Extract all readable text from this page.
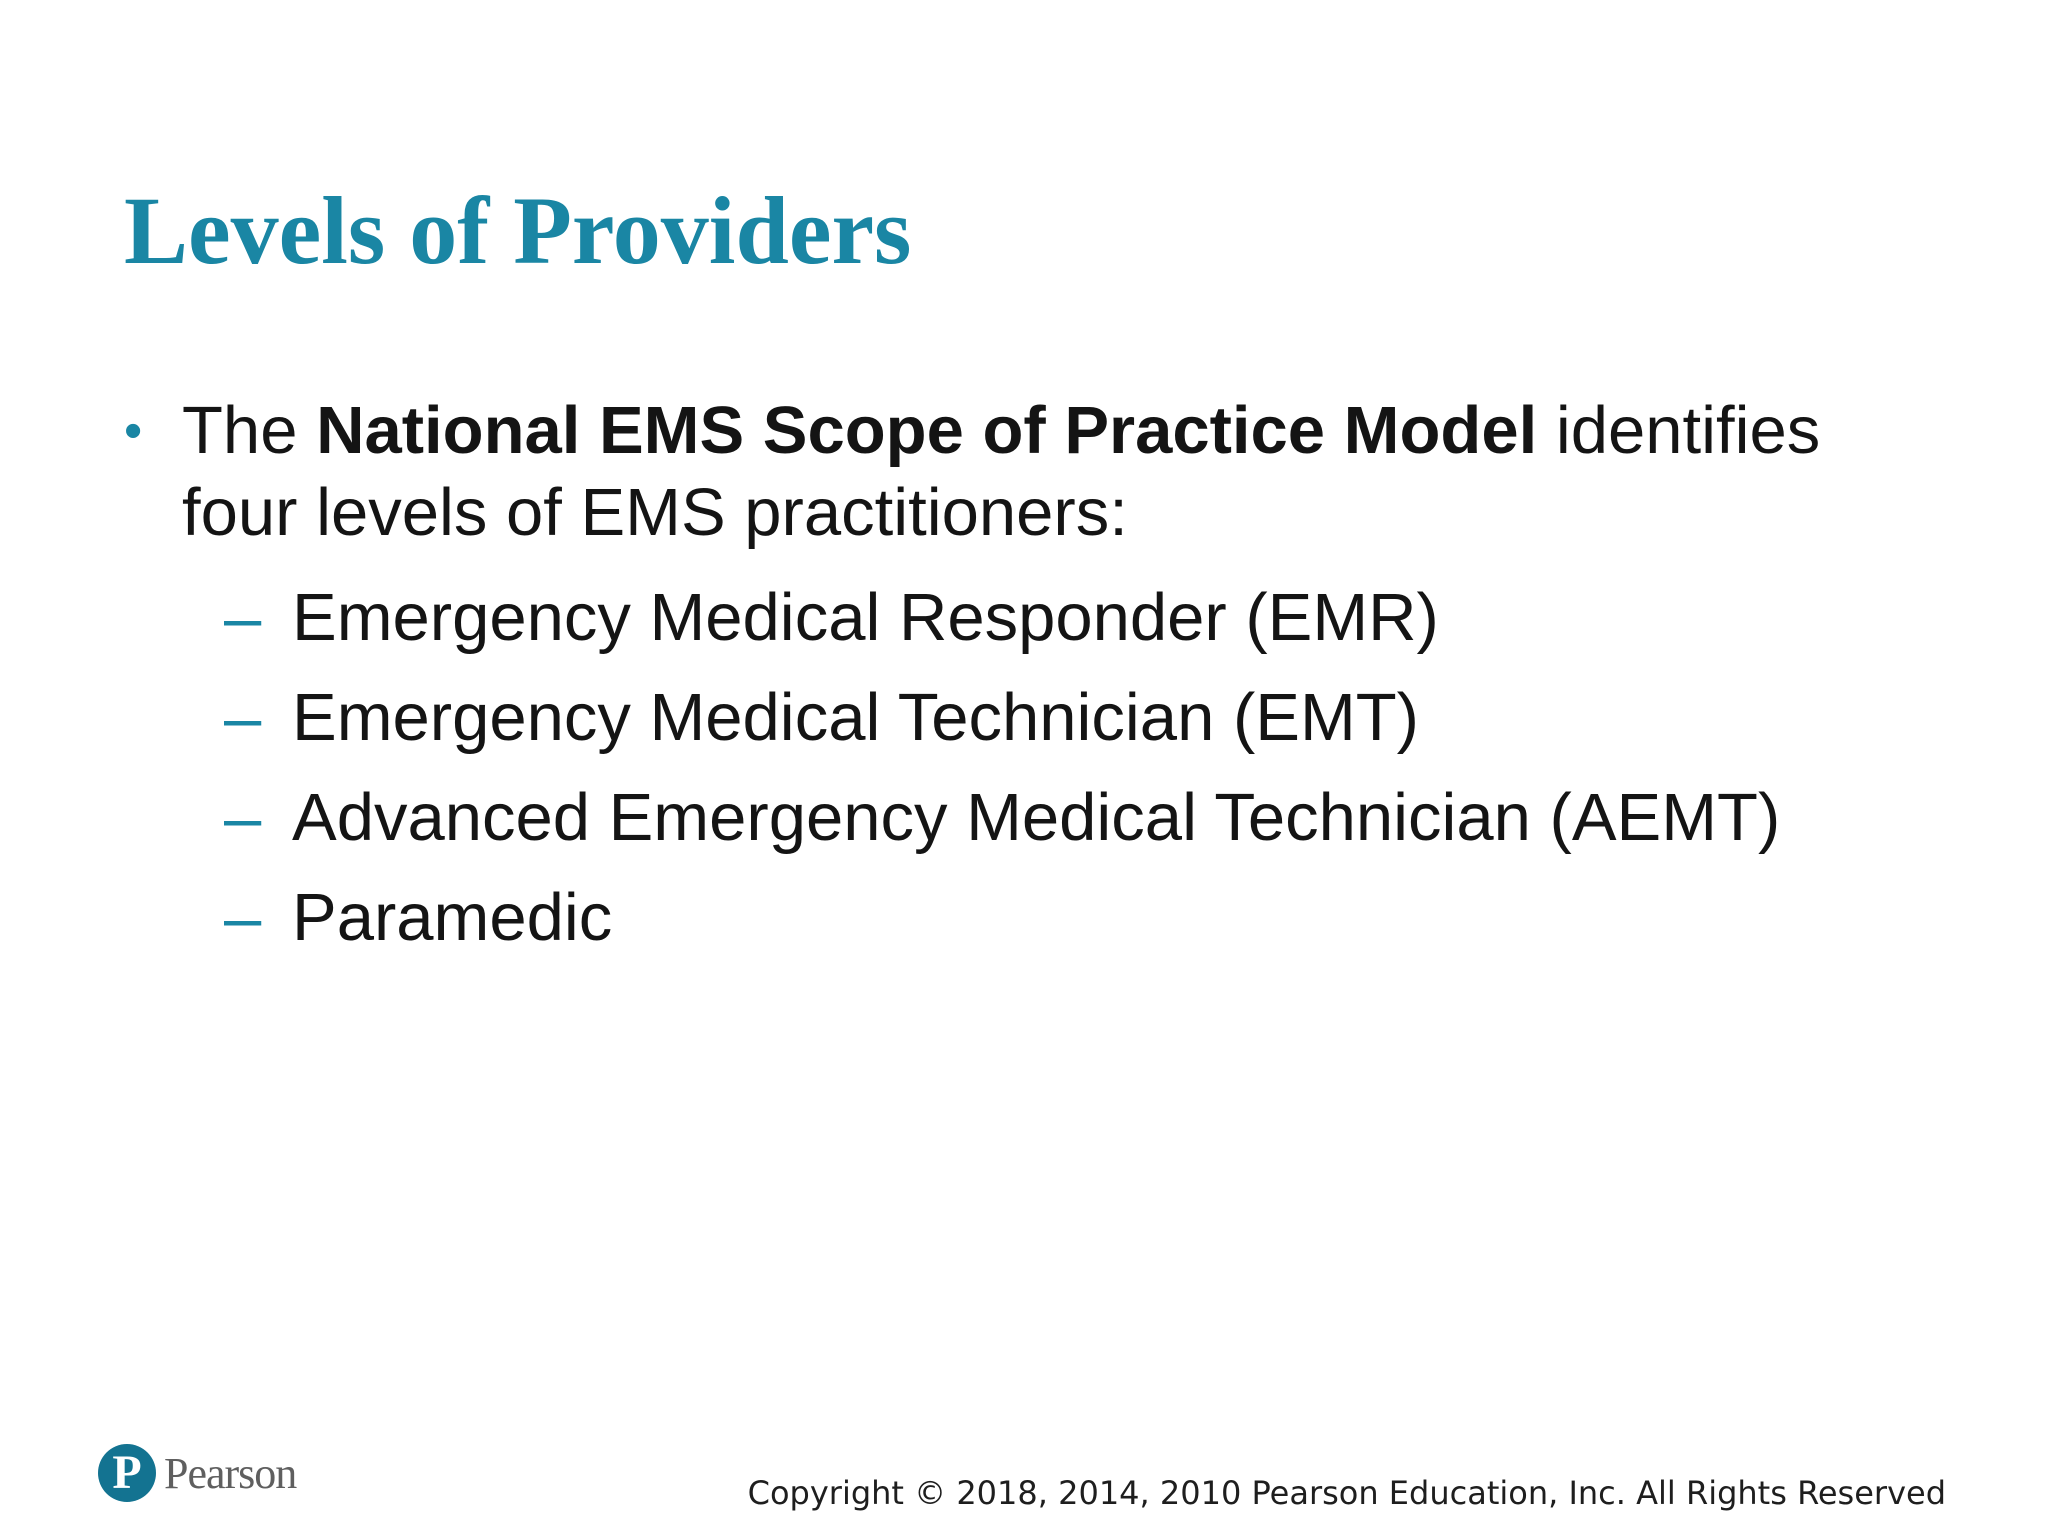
Levels of Providers
• The National EMS Scope of Practice Model identifies four levels of EMS practitioners:
– Emergency Medical Responder (EMR)
– Emergency Medical Technician (EMT)
– Advanced Emergency Medical Technician (AEMT)
– Paramedic
P Pearson	Copyright © 2018, 2014, 2010 Pearson Education, Inc. All Rights Reserved
